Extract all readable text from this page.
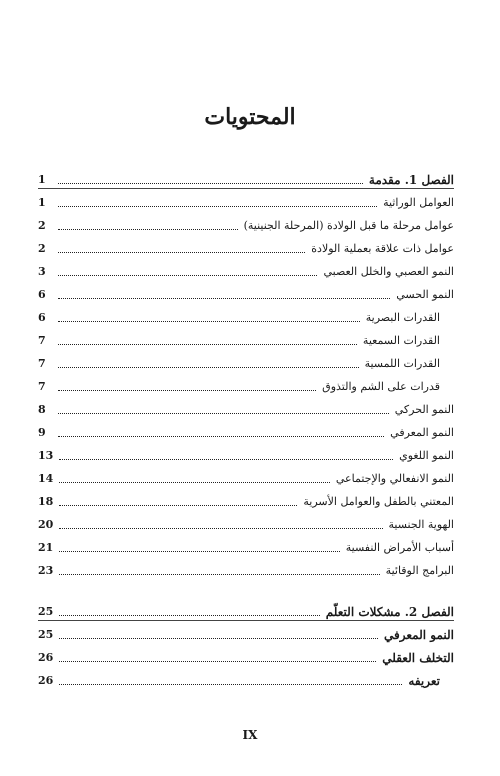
المحتويات
الفصل 1. مقدمة
1
العوامل الوراثية
1
عوامل مرحلة ما قبل الولادة (المرحلة الجنينية)
2
عوامل ذات علاقة بعملية الولادة
2
النمو العصبي والخلل العصبي
3
النمو الحسي
6
القدرات البصرية
6
القدرات السمعية
7
القدرات اللمسية
7
قدرات على الشم والتذوق
7
النمو الحركي
8
النمو المعرفي
9
النمو اللغوي
13
النمو الانفعالي والإجتماعي
14
المعتني بالطفل والعوامل الأسرية
18
الهوية الجنسية
20
أسباب الأمراض النفسية
21
البرامج الوقائية
23
الفصل 2. مشكلات التعلّم
25
النمو المعرفي
25
التخلف العقلي
26
تعريفه
26
IX
